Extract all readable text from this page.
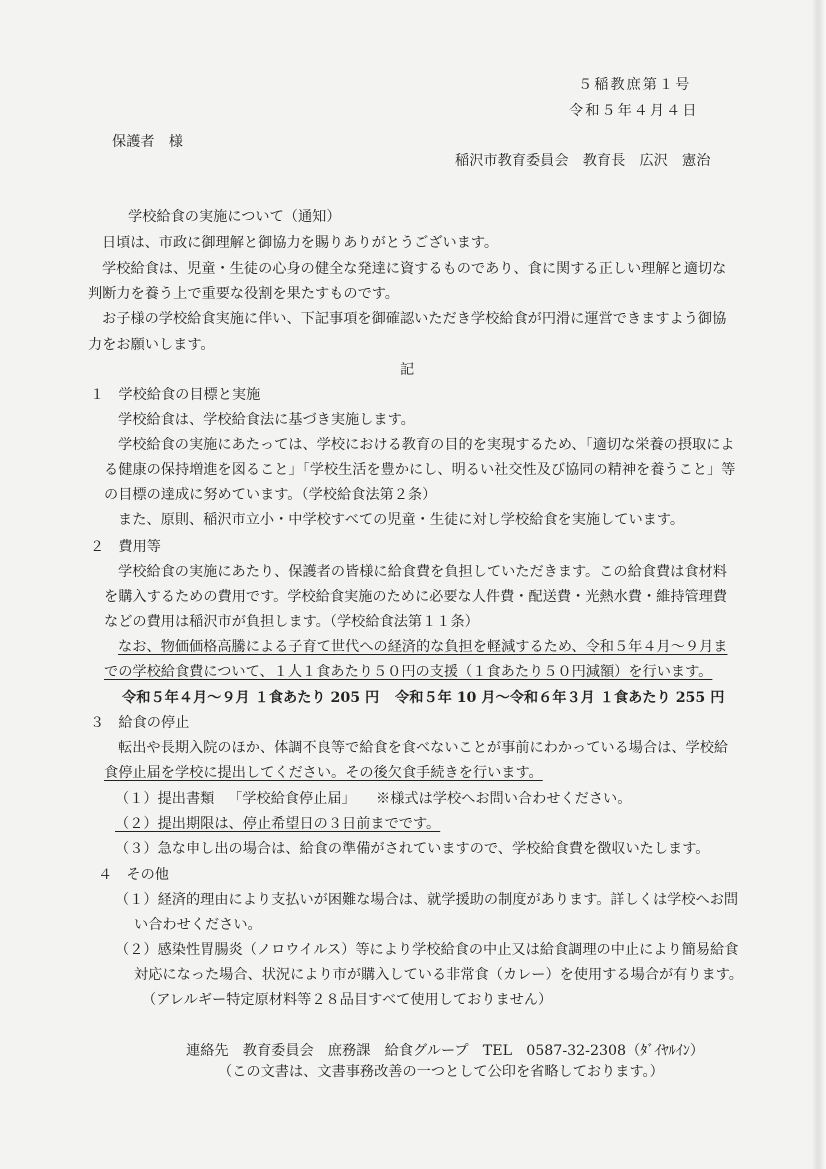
５稲教庶第１号

令和５年４月４日

保護者　様

稲沢市教育委員会　教育長　広沢　憲治

学校給食の実施について（通知）

日頃は、市政に御理解と御協力を賜りありがとうございます。

学校給食は、児童・生徒の心身の健全な発達に資するものであり、食に関する正しい理解と適切な

判断力を養う上で重要な役割を果たすものです。

お子様の学校給食実施に伴い、下記事項を御確認いただき学校給食が円滑に運営できますよう御協

力をお願いします。

記

１　学校給食の目標と実施

学校給食は、学校給食法に基づき実施します。

学校給食の実施にあたっては、学校における教育の目的を実現するため、「適切な栄養の摂取によ

る健康の保持増進を図ること」「学校生活を豊かにし、明るい社交性及び協同の精神を養うこと」等

の目標の達成に努めています。（学校給食法第２条）

また、原則、稲沢市立小・中学校すべての児童・生徒に対し学校給食を実施しています。

２　費用等

学校給食の実施にあたり、保護者の皆様に給食費を負担していただきます。この給食費は食材料

を購入するための費用です。学校給食実施のために必要な人件費・配送費・光熱水費・維持管理費

などの費用は稲沢市が負担します。（学校給食法第１１条）

なお、物価価格高騰による子育て世代への経済的な負担を軽減するため、令和５年４月～９月ま

での学校給食費について、１人１食あたり５０円の支援（１食あたり５０円減額）を行います。

令和５年４月～９月 １食あたり 205 円 令和５年 10 月～令和６年３月 １食あたり 255 円

３　給食の停止

転出や長期入院のほか、体調不良等で給食を食べないことが事前にわかっている場合は、学校給

食停止届を学校に提出してください。その後欠食手続きを行います。

（１）提出書類 「学校給食停止届」 ※様式は学校へお問い合わせください。

（２）提出期限は、停止希望日の３日前までです。

（３）急な申し出の場合は、給食の準備がされていますので、学校給食費を徴収いたします。

４　その他

（１）経済的理由により支払いが困難な場合は、就学援助の制度があります。詳しくは学校へお問

い合わせください。

（２）感染性胃腸炎（ノロウイルス）等により学校給食の中止又は給食調理の中止により簡易給食

対応になった場合、状況により市が購入している非常食（カレー）を使用する場合が有ります。

（アレルギー特定原材料等２８品目すべて使用しておりません）

連絡先　教育委員会　庶務課　給食グループ　TEL　0587-32-2308（ﾀﾞｲﾔﾙｲﾝ）

（この文書は、文書事務改善の一つとして公印を省略しております。）
